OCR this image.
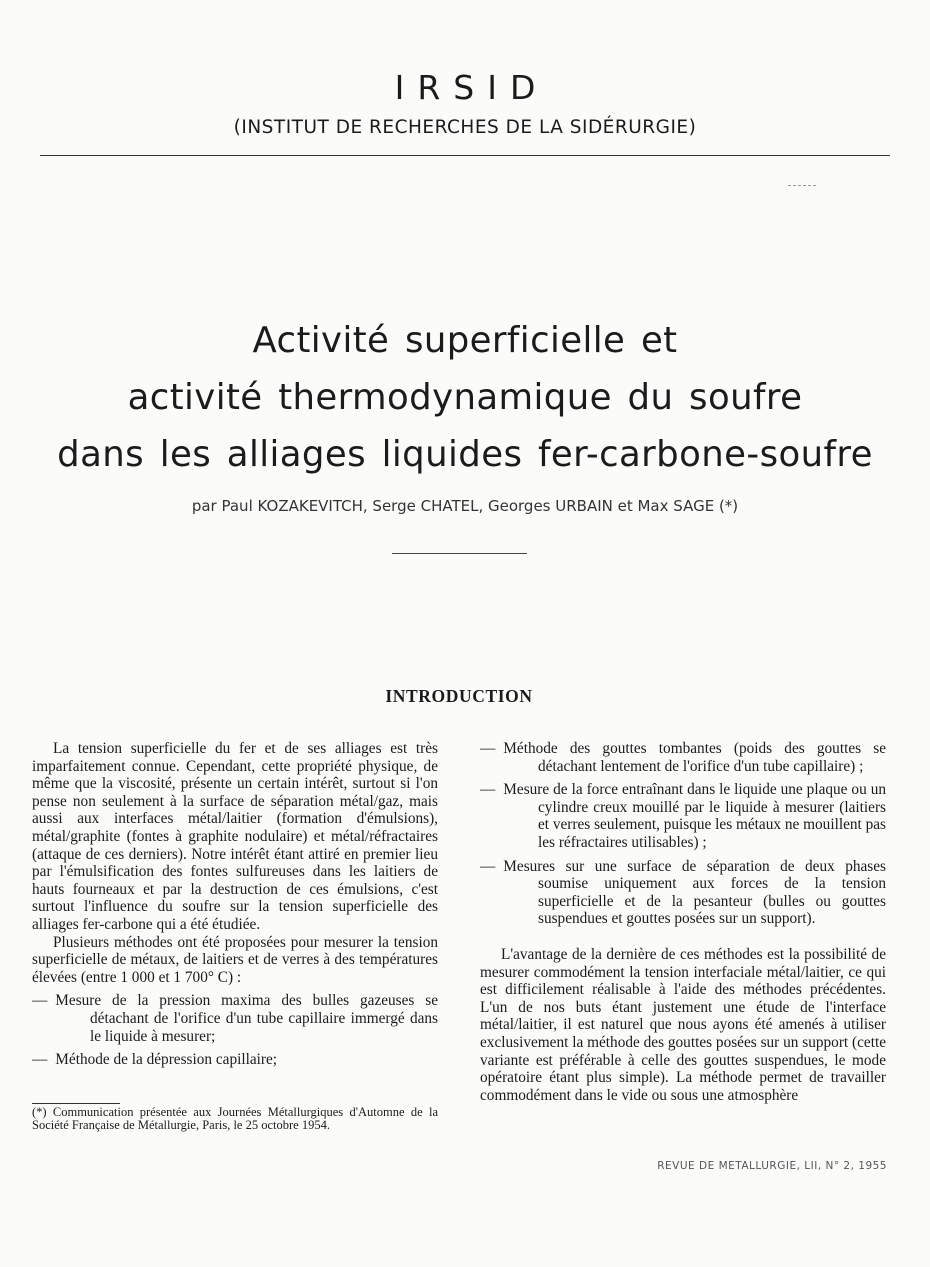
IRSID
(INSTITUT DE RECHERCHES DE LA SIDÉRURGIE)
Activité superficielle et
activité thermodynamique du soufre
dans les alliages liquides fer-carbone-soufre
par Paul KOZAKEVITCH, Serge CHATEL, Georges URBAIN et Max SAGE (*)
INTRODUCTION

La tension superficielle du fer et de ses alliages est très imparfaitement connue. Cependant, cette propriété physique, de même que la viscosité, présente un certain intérêt, surtout si l'on pense non seulement à la surface de séparation métal/gaz, mais aussi aux interfaces métal/laitier (formation d'émulsions), métal/graphite (fontes à graphite nodulaire) et métal/réfractaires (attaque de ces derniers). Notre intérêt étant attiré en premier lieu par l'émulsification des fontes sulfureuses dans les laitiers de hauts fourneaux et par la destruction de ces émulsions, c'est surtout l'influence du soufre sur la tension superficielle des alliages fer-carbone qui a été étudiée.

Plusieurs méthodes ont été proposées pour mesurer la tension superficielle de métaux, de laitiers et de verres à des températures élevées (entre 1 000 et 1 700° C) :

— Mesure de la pression maxima des bulles gazeuses se détachant de l'orifice d'un tube capillaire immergé dans le liquide à mesurer;

— Méthode de la dépression capillaire;

(*) Communication présentée aux Journées Métallurgiques d'Automne de la Société Française de Métallurgie, Paris, le 25 octobre 1954.

— Méthode des gouttes tombantes (poids des gouttes se détachant lentement de l'orifice d'un tube capillaire) ;

— Mesure de la force entraînant dans le liquide une plaque ou un cylindre creux mouillé par le liquide à mesurer (laitiers et verres seulement, puisque les métaux ne mouillent pas les réfractaires utilisables) ;

— Mesures sur une surface de séparation de deux phases soumise uniquement aux forces de la tension superficielle et de la pesanteur (bulles ou gouttes suspendues et gouttes posées sur un support).

L'avantage de la dernière de ces méthodes est la possibilité de mesurer commodément la tension interfaciale métal/laitier, ce qui est difficilement réalisable à l'aide des méthodes précédentes. L'un de nos buts étant justement une étude de l'interface métal/laitier, il est naturel que nous ayons été amenés à utiliser exclusivement la méthode des gouttes posées sur un support (cette variante est préférable à celle des gouttes suspendues, le mode opératoire étant plus simple). La méthode permet de travailler commodément dans le vide ou sous une atmosphère

REVUE DE METALLURGIE, LII, N° 2, 1955
